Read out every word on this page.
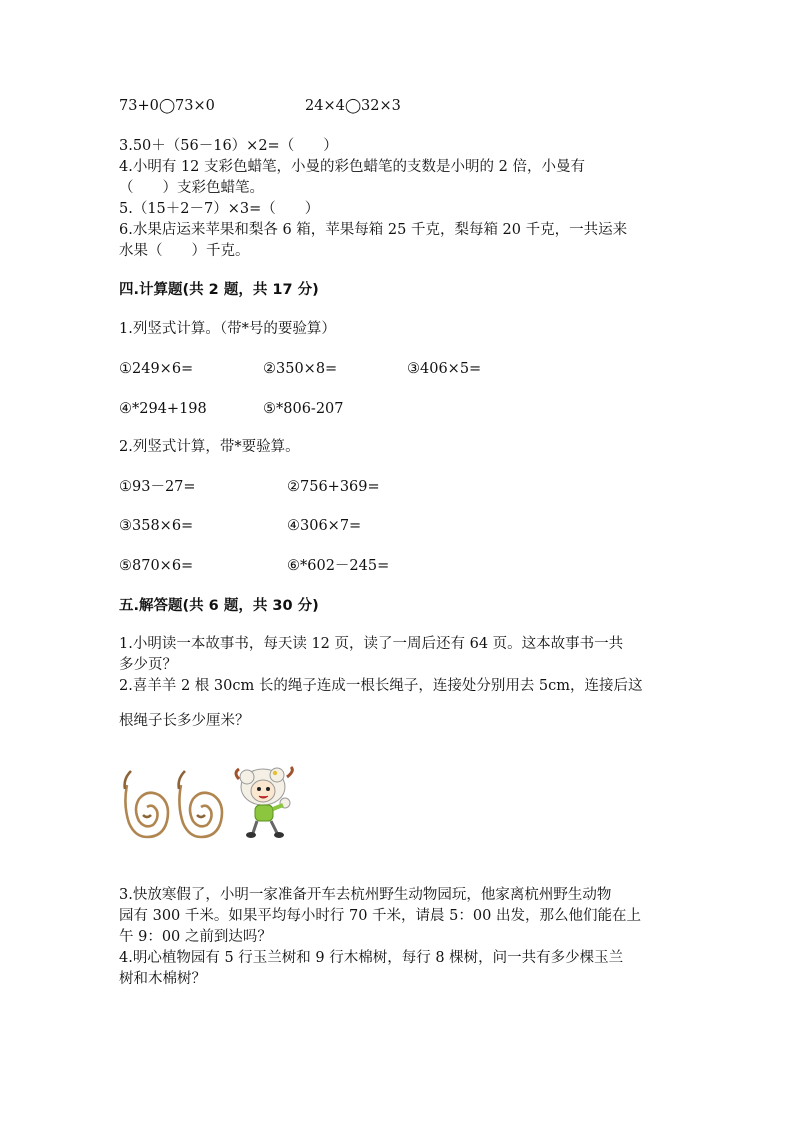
73+0◯73×0	24×4◯32×3
3.50＋（56－16）×2=（　　）
4.小明有 12 支彩色蜡笔，小曼的彩色蜡笔的支数是小明的 2 倍，小曼有
（　　）支彩色蜡笔。
5.（15＋2－7）×3=（　　）
6.水果店运来苹果和梨各 6 箱，苹果每箱 25 千克，梨每箱 20 千克，一共运来
水果（　　）千克。
四.计算题(共 2 题，共 17 分)
1.列竖式计算。（带*号的要验算）
①249×6=	②350×8=	③406×5=
④*294+198	⑤*806-207
2.列竖式计算，带*要验算。
①93－27=	②756+369=
③358×6=	④306×7=
⑤870×6=	⑥*602－245=
五.解答题(共 6 题，共 30 分)
1.小明读一本故事书，每天读 12 页，读了一周后还有 64 页。这本故事书一共
多少页？
2.喜羊羊 2 根 30cm 长的绳子连成一根长绳子，连接处分别用去 5cm，连接后这
根绳子长多少厘米？
3.快放寒假了，小明一家准备开车去杭州野生动物园玩，他家离杭州野生动物
园有 300 千米。如果平均每小时行 70 千米，请晨 5：00 出发，那么他们能在上
午 9：00 之前到达吗？
4.明心植物园有 5 行玉兰树和 9 行木棉树，每行 8 棵树，问一共有多少棵玉兰
树和木棉树？
